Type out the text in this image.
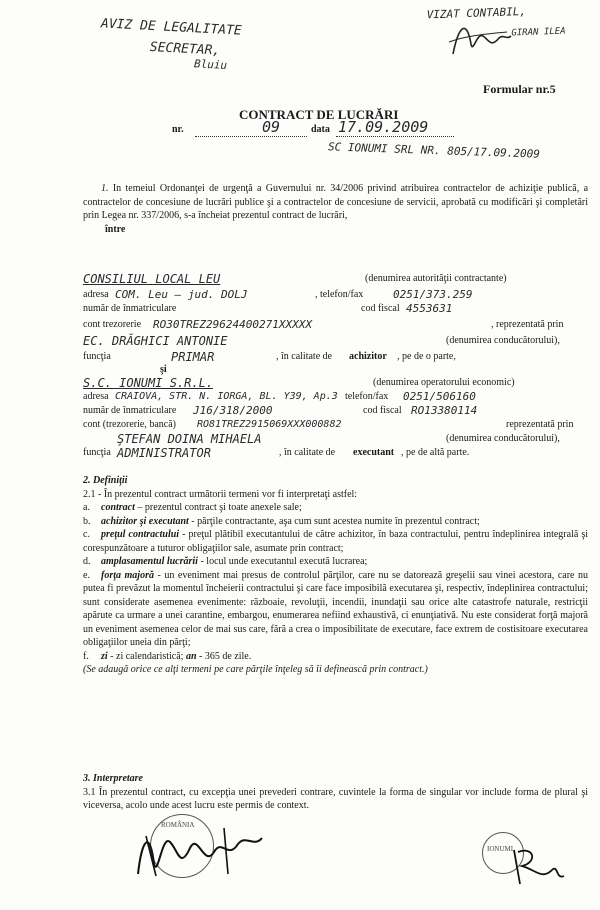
AVIZ DE LEGALITATE
SECRETAR,
Bluiu
VIZAT CONTABIL,
GIRAN ILEA
Formular nr.5
CONTRACT DE LUCRĂRI
nr.	09	data 17.09.2009
SC IONUMI SRL NR. 805/17.09.2009

1. In temeiul Ordonanţei de urgenţă a Guvernului nr. 34/2006 privind atribuirea contractelor de achiziţie publică, a contractelor de concesiune de lucrări publice şi a contractelor de concesiune de servicii, aprobată cu modificări şi completări prin Legea nr. 337/2006, s-a încheiat prezentul contract de lucrări,

între

CONSILIUL LOCAL LEU	(denumirea autorităţii contractante)
adresa COM. Leu – jud. DOLJ	, telefon/fax	0251/373.259
număr de înmatriculare	cod fiscal 4553631
cont trezorerie RO30TREZ29624400271XXXXX	, reprezentată prin
EC. DRĂGHICI ANTONIE	(denumirea conducătorului),
funcţia	PRIMAR	, în calitate de achizitor , pe de o parte,
şi
S.C. IONUMI S.R.L.	(denumirea operatorului economic)
adresa CRAIOVA, STR. N. IORGA, BL. Y39, Ap.3 telefon/fax 0251/506160
număr de înmatriculare J16/318/2000	cod fiscal RO13380114
cont (trezorerie, bancă) RO81TREZ2915069XXX000882	reprezentată prin
ŞTEFAN DOINA MIHAELA	(denumirea conducătorului),
funcţia ADMINISTRATOR	, în calitate de executant , pe de altă parte.

2. Definiţii

2.1 - În prezentul contract următorii termeni vor fi interpretaţi astfel:

a. contract – prezentul contract şi toate anexele sale;

b. achizitor şi executant - părţile contractante, aşa cum sunt acestea numite în prezentul contract;

c. preţul contractului - preţul plătibil executantului de către achizitor, în baza contractului, pentru îndeplinirea integrală şi corespunzătoare a tuturor obligaţiilor sale, asumate prin contract;

d. amplasamentul lucrării - locul unde executantul execută lucrarea;

e. forţa majoră - un eveniment mai presus de controlul părţilor, care nu se datorează greşelii sau vinei acestora, care nu putea fi prevăzut la momentul încheierii contractului şi care face imposibilă executarea şi, respectiv, îndeplinirea contractului; sunt considerate asemenea evenimente: războaie, revoluţii, incendii, inundaţii sau orice alte catastrofe naturale, restricţii apărute ca urmare a unei carantine, embargou, enumerarea nefiind exhaustivă, ci enunţiativă. Nu este considerat forţă majoră un eveniment asemenea celor de mai sus care, fără a crea o imposibilitate de executare, face extrem de costisitoare executarea obligaţiilor uneia din părţi;

f. zi - zi calendaristică; an - 365 de zile.

(Se adaugă orice ce alţi termeni pe care părţile înţeleg să îi definească prin contract.)

3. Interpretare

3.1 În prezentul contract, cu excepţia unei prevederi contrare, cuvintele la forma de singular vor include forma de plural şi viceversa, acolo unde acest lucru este permis de context.

ROMÂNIA
IONUMI
